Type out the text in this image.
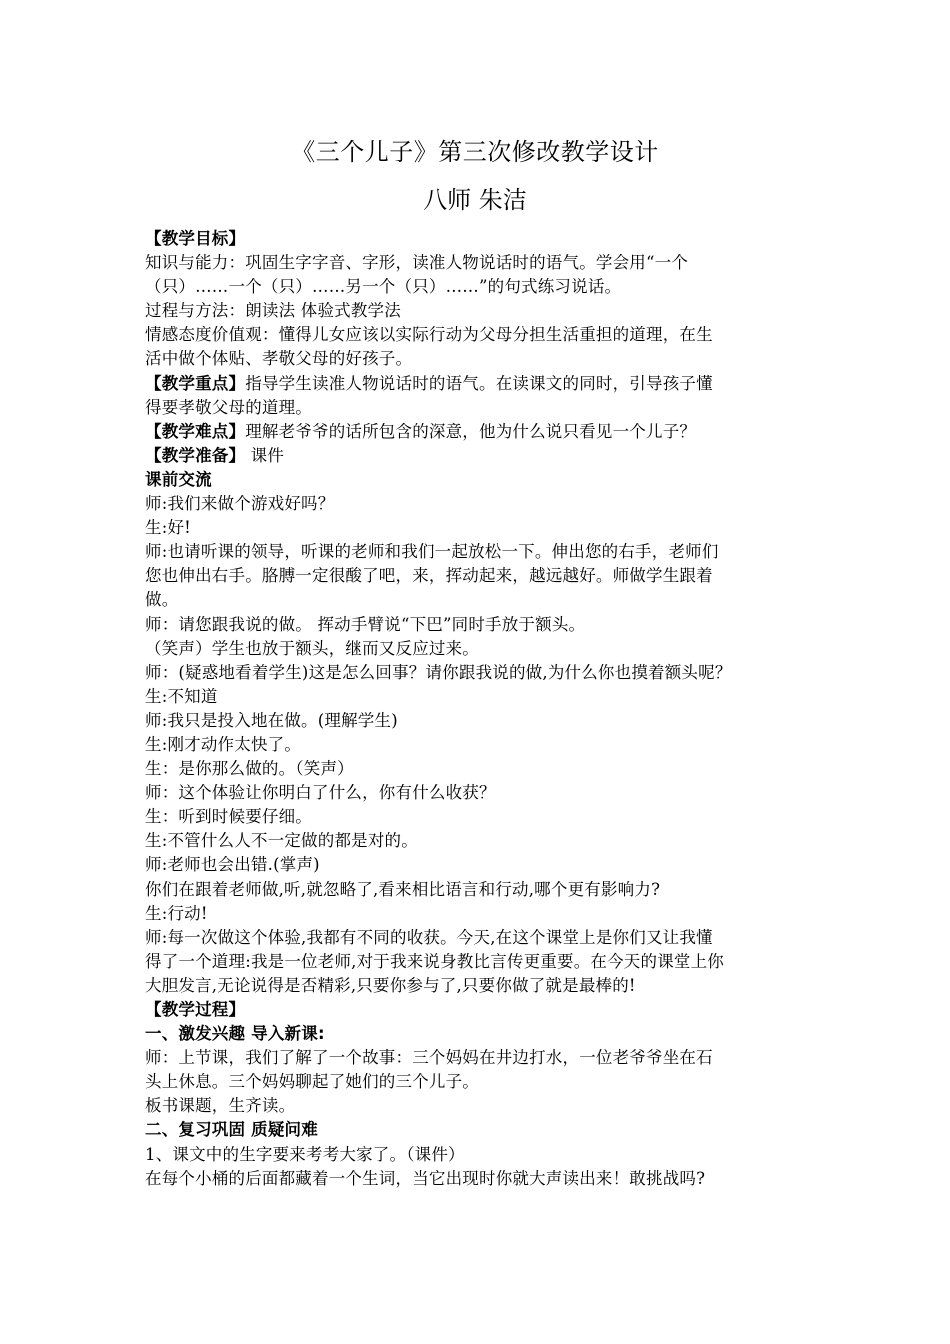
《三个儿子》第三次修改教学设计
八师 朱洁
【教学目标】
知识与能力：巩固生字字音、字形，读准人物说话时的语气。学会用“一个
（只）……一个（只）……另一个（只）……”的句式练习说话。
过程与方法：朗读法 体验式教学法
情感态度价值观：懂得儿女应该以实际行动为父母分担生活重担的道理，在生
活中做个体贴、孝敬父母的好孩子。
【教学重点】指导学生读准人物说话时的语气。在读课文的同时，引导孩子懂
得要孝敬父母的道理。
【教学难点】理解老爷爷的话所包含的深意，他为什么说只看见一个儿子？
【教学准备】 课件
课前交流
师:我们来做个游戏好吗？
生:好!
师:也请听课的领导，听课的老师和我们一起放松一下。伸出您的右手，老师们
您也伸出右手。胳膊一定很酸了吧，来，挥动起来，越远越好。师做学生跟着
做。
师：请您跟我说的做。 挥动手臂说“下巴”同时手放于额头。
（笑声）学生也放于额头，继而又反应过来。
师：(疑惑地看着学生)这是怎么回事？请你跟我说的做,为什么你也摸着额头呢？
生:不知道
师:我只是投入地在做。(理解学生)
生:刚才动作太快了。
生：是你那么做的。（笑声）
师：这个体验让你明白了什么，你有什么收获？
生：听到时候要仔细。
生:不管什么人不一定做的都是对的。
师:老师也会出错.(掌声)
你们在跟着老师做,听,就忽略了,看来相比语言和行动,哪个更有影响力?
生:行动!
师:每一次做这个体验,我都有不同的收获。今天,在这个课堂上是你们又让我懂
得了一个道理:我是一位老师,对于我来说身教比言传更重要。在今天的课堂上你
大胆发言,无论说得是否精彩,只要你参与了,只要你做了就是最棒的!
【教学过程】
一、激发兴趣 导入新课:
师：上节课，我们了解了一个故事：三个妈妈在井边打水，一位老爷爷坐在石
头上休息。三个妈妈聊起了她们的三个儿子。
板书课题，生齐读。
二、复习巩固 质疑问难
1、课文中的生字要来考考大家了。（课件）
在每个小桶的后面都藏着一个生词，当它出现时你就大声读出来！敢挑战吗?
